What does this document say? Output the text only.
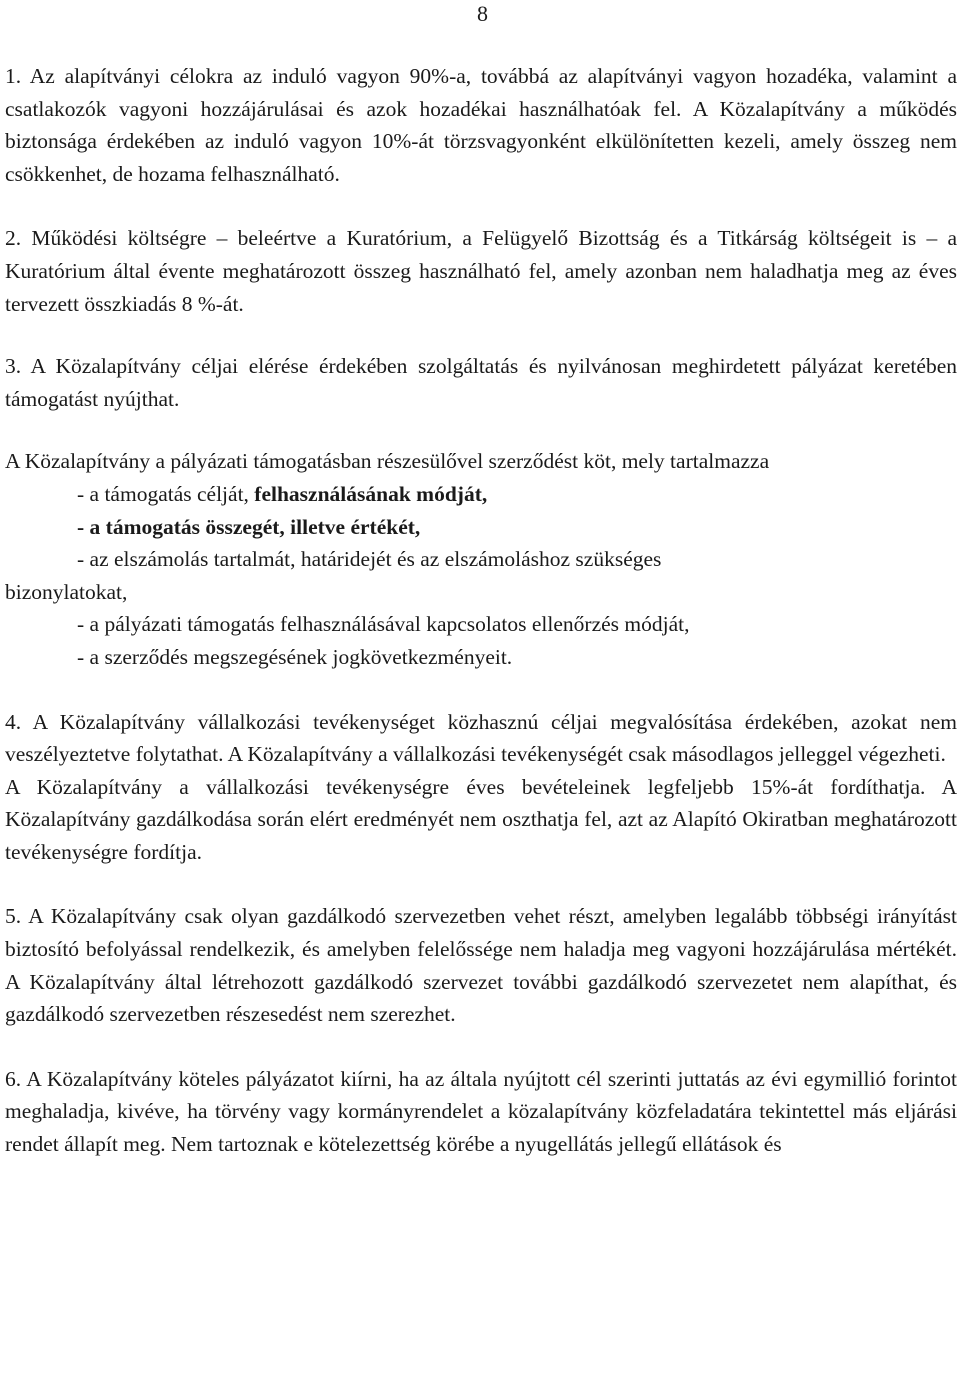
8

1. Az alapítványi célokra az induló vagyon 90%-a, továbbá az alapítványi vagyon hozadéka, valamint a csatlakozók vagyoni hozzájárulásai és azok hozadékai használhatóak fel. A Közalapítvány a működés biztonsága érdekében az induló vagyon 10%-át törzsvagyonként elkülönítetten kezeli, amely összeg nem csökkenhet, de hozama felhasználható.

2. Működési költségre – beleértve a Kuratórium, a Felügyelő Bizottság és a Titkárság költségeit is – a Kuratórium által évente meghatározott összeg használható fel, amely azonban nem haladhatja meg az éves tervezett összkiadás 8 %-át.

3. A Közalapítvány céljai elérése érdekében szolgáltatás és nyilvánosan meghirdetett pályázat keretében támogatást nyújthat.

A Közalapítvány a pályázati támogatásban részesülővel szerződést köt, mely tartalmazza

- a támogatás célját, felhasználásának módját,

- a támogatás összegét, illetve értékét,

- az elszámolás tartalmát, határidejét és az elszámoláshoz szükséges

bizonylatokat,

- a pályázati támogatás felhasználásával kapcsolatos ellenőrzés módját,

- a szerződés megszegésének jogkövetkezményeit.

4. A Közalapítvány vállalkozási tevékenységet közhasznú céljai megvalósítása érdekében, azokat nem veszélyeztetve folytathat. A Közalapítvány a vállalkozási tevékenységét csak másodlagos jelleggel végezheti.

A Közalapítvány a vállalkozási tevékenységre éves bevételeinek legfeljebb 15%-át fordíthatja. A Közalapítvány gazdálkodása során elért eredményét nem oszthatja fel, azt az Alapító Okiratban meghatározott tevékenységre fordítja.

5. A Közalapítvány csak olyan gazdálkodó szervezetben vehet részt, amelyben legalább többségi irányítást biztosító befolyással rendelkezik, és amelyben felelőssége nem haladja meg vagyoni hozzájárulása mértékét. A Közalapítvány által létrehozott gazdálkodó szervezet további gazdálkodó szervezetet nem alapíthat, és gazdálkodó szervezetben részesedést nem szerezhet.

6. A Közalapítvány köteles pályázatot kiírni, ha az általa nyújtott cél szerinti juttatás az évi egymillió forintot meghaladja, kivéve, ha törvény vagy kormányrendelet a közalapítvány közfeladatára tekintettel más eljárási rendet állapít meg. Nem tartoznak e kötelezettség körébe a nyugellátás jellegű ellátások és
